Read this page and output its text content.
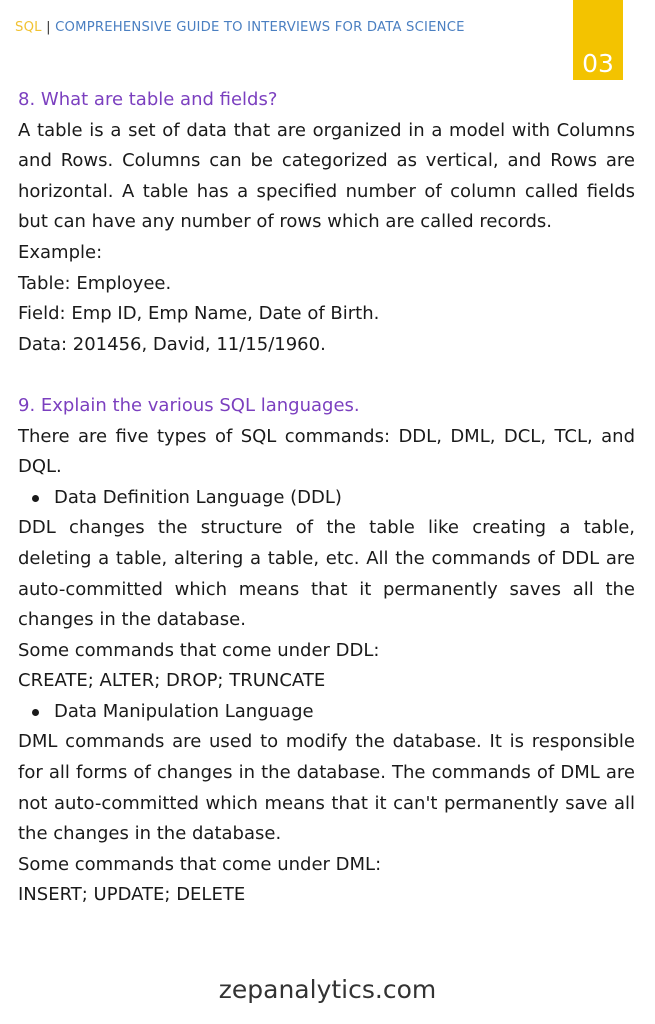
SQL | COMPREHENSIVE GUIDE TO INTERVIEWS FOR DATA SCIENCE
03

8. What are table and fields?

A table is a set of data that are organized in a model with Columns and Rows. Columns can be categorized as vertical, and Rows are horizontal. A table has a specified number of column called fields but can have any number of rows which are called records.

Example:

Table: Employee.

Field: Emp ID, Emp Name, Date of Birth.

Data: 201456, David, 11/15/1960.

9. Explain the various SQL languages.

There are five types of SQL commands: DDL, DML, DCL, TCL, and DQL.

Data Definition Language (DDL)

DDL changes the structure of the table like creating a table, deleting a table, altering a table, etc. All the commands of DDL are auto-committed which means that it permanently saves all the changes in the database.

Some commands that come under DDL:

CREATE; ALTER; DROP; TRUNCATE

Data Manipulation Language

DML commands are used to modify the database. It is responsible for all forms of changes in the database. The commands of DML are not auto-committed which means that it can't permanently save all the changes in the database.

Some commands that come under DML:

INSERT; UPDATE; DELETE

zepanalytics.com
